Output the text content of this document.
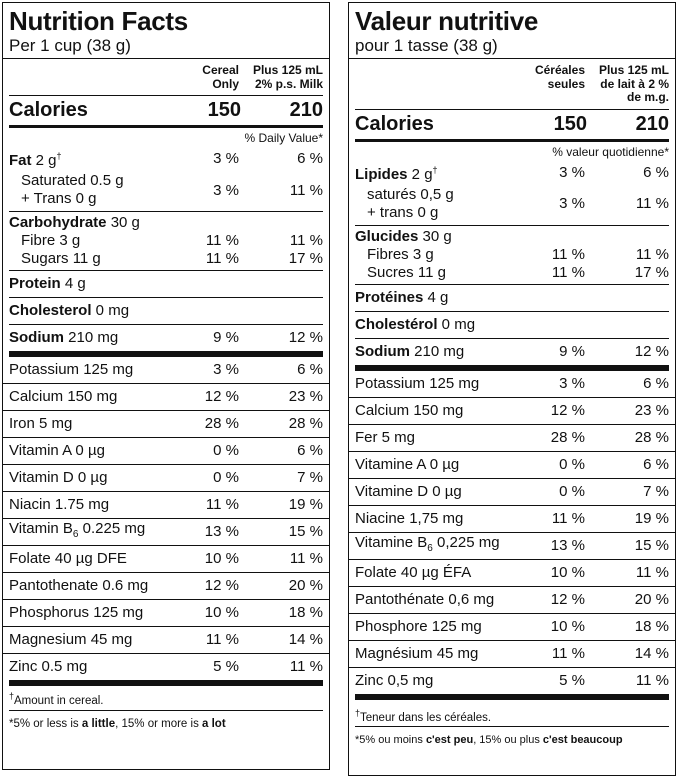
Nutrition Facts
Per 1 cup (38 g)
Cereal
Only
Plus 125 mL
2% p.s. Milk
Calories	150	210
% Daily Value*
Fat 2 g†	3 %	6 %
Saturated 0.5 g
+ Trans 0 g	3 %	11 %
Carbohydrate 30 g
Fibre 3 g	11 %	11 %
Sugars 11 g	11 %	17 %
Protein 4 g
Cholesterol 0 mg
Sodium 210 mg	9 %	12 %
Potassium 125 mg	3 %	6 %
Calcium 150 mg	12 %	23 %
Iron 5 mg	28 %	28 %
Vitamin A 0 µg	0 %	6 %
Vitamin D 0 µg	0 %	7 %
Niacin 1.75 mg	11 %	19 %
Vitamin $B_6$ 0.225 mg	13 %	15 %
Folate 40 µg DFE	10 %	11 %
Pantothenate 0.6 mg	12 %	20 %
Phosphorus 125 mg	10 %	18 %
Magnesium 45 mg	11 %	14 %
Zinc 0.5 mg	5 %	11 %
†Amount in cereal.
*5% or less is a little, 15% or more is a lot
Valeur nutritive
pour 1 tasse (38 g)
Céréales
seules
Plus 125 mL
de lait à 2 %
de m.g.
Calories	150	210
% valeur quotidienne*
Lipides 2 g†	3 %	6 %
saturés 0,5 g
+ trans 0 g	3 %	11 %
Glucides 30 g
Fibres 3 g	11 %	11 %
Sucres 11 g	11 %	17 %
Protéines 4 g
Cholestérol 0 mg
Sodium 210 mg	9 %	12 %
Potassium 125 mg	3 %	6 %
Calcium 150 mg	12 %	23 %
Fer 5 mg	28 %	28 %
Vitamine A 0 µg	0 %	6 %
Vitamine D 0 µg	0 %	7 %
Niacine 1,75 mg	11 %	19 %
Vitamine $B_6$ 0,225 mg	13 %	15 %
Folate 40 µg ÉFA	10 %	11 %
Pantothénate 0,6 mg	12 %	20 %
Phosphore 125 mg	10 %	18 %
Magnésium 45 mg	11 %	14 %
Zinc 0,5 mg	5 %	11 %
†Teneur dans les céréales.
*5% ou moins c'est peu, 15% ou plus c'est beaucoup
